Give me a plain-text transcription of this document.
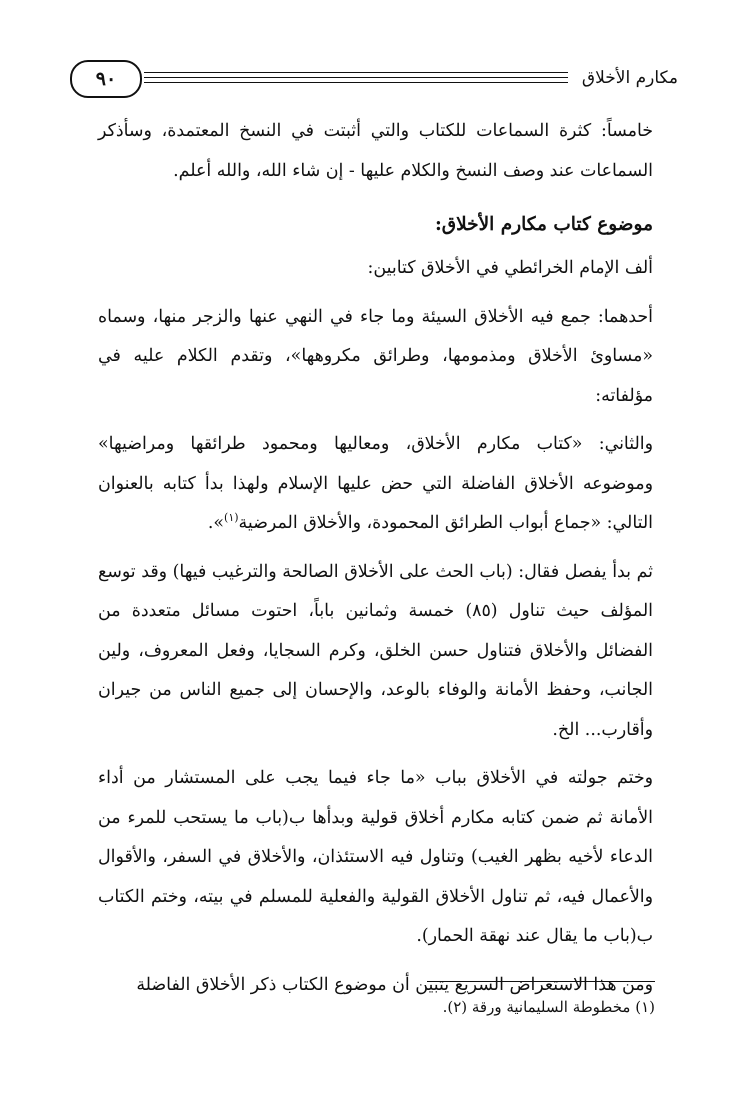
مكارم الأخلاق
٩٠

خامساً: كثرة السماعات للكتاب والتي أثبتت في النسخ المعتمدة، وسأذكر السماعات عند وصف النسخ والكلام عليها - إن شاء الله، والله أعلم.

موضوع كتاب مكارم الأخلاق:

ألف الإمام الخرائطي في الأخلاق كتابين:

أحدهما: جمع فيه الأخلاق السيئة وما جاء في النهي عنها والزجر منها، وسماه «مساوئ الأخلاق ومذمومها، وطرائق مكروهها»، وتقدم الكلام عليه في مؤلفاته:

والثاني: «كتاب مكارم الأخلاق، ومعاليها ومحمود طرائقها ومراضيها» وموضوعه الأخلاق الفاضلة التي حض عليها الإسلام ولهذا بدأ كتابه بالعنوان التالي: «جماع أبواب الطرائق المحمودة، والأخلاق المرضية$^{(١)}$».

ثم بدأ يفصل فقال: (باب الحث على الأخلاق الصالحة والترغيب فيها) وقد توسع المؤلف حيث تناول (٨٥) خمسة وثمانين باباً، احتوت مسائل متعددة من الفضائل والأخلاق فتناول حسن الخلق، وكرم السجايا، وفعل المعروف، ولين الجانب، وحفظ الأمانة والوفاء بالوعد، والإحسان إلى جميع الناس من جيران وأقارب... الخ.

وختم جولته في الأخلاق بباب «ما جاء فيما يجب على المستشار من أداء الأمانة ثم ضمن كتابه مكارم أخلاق قولية وبدأها ب(باب ما يستحب للمرء من الدعاء لأخيه بظهر الغيب) وتناول فيه الاستئذان، والأخلاق في السفر، والأقوال والأعمال فيه، ثم تناول الأخلاق القولية والفعلية للمسلم في بيته، وختم الكتاب ب(باب ما يقال عند نهقة الحمار).

ومن هذا الاستعراض السريع يتبين أن موضوع الكتاب ذكر الأخلاق الفاضلة

(١) مخطوطة السليمانية ورقة (٢).
